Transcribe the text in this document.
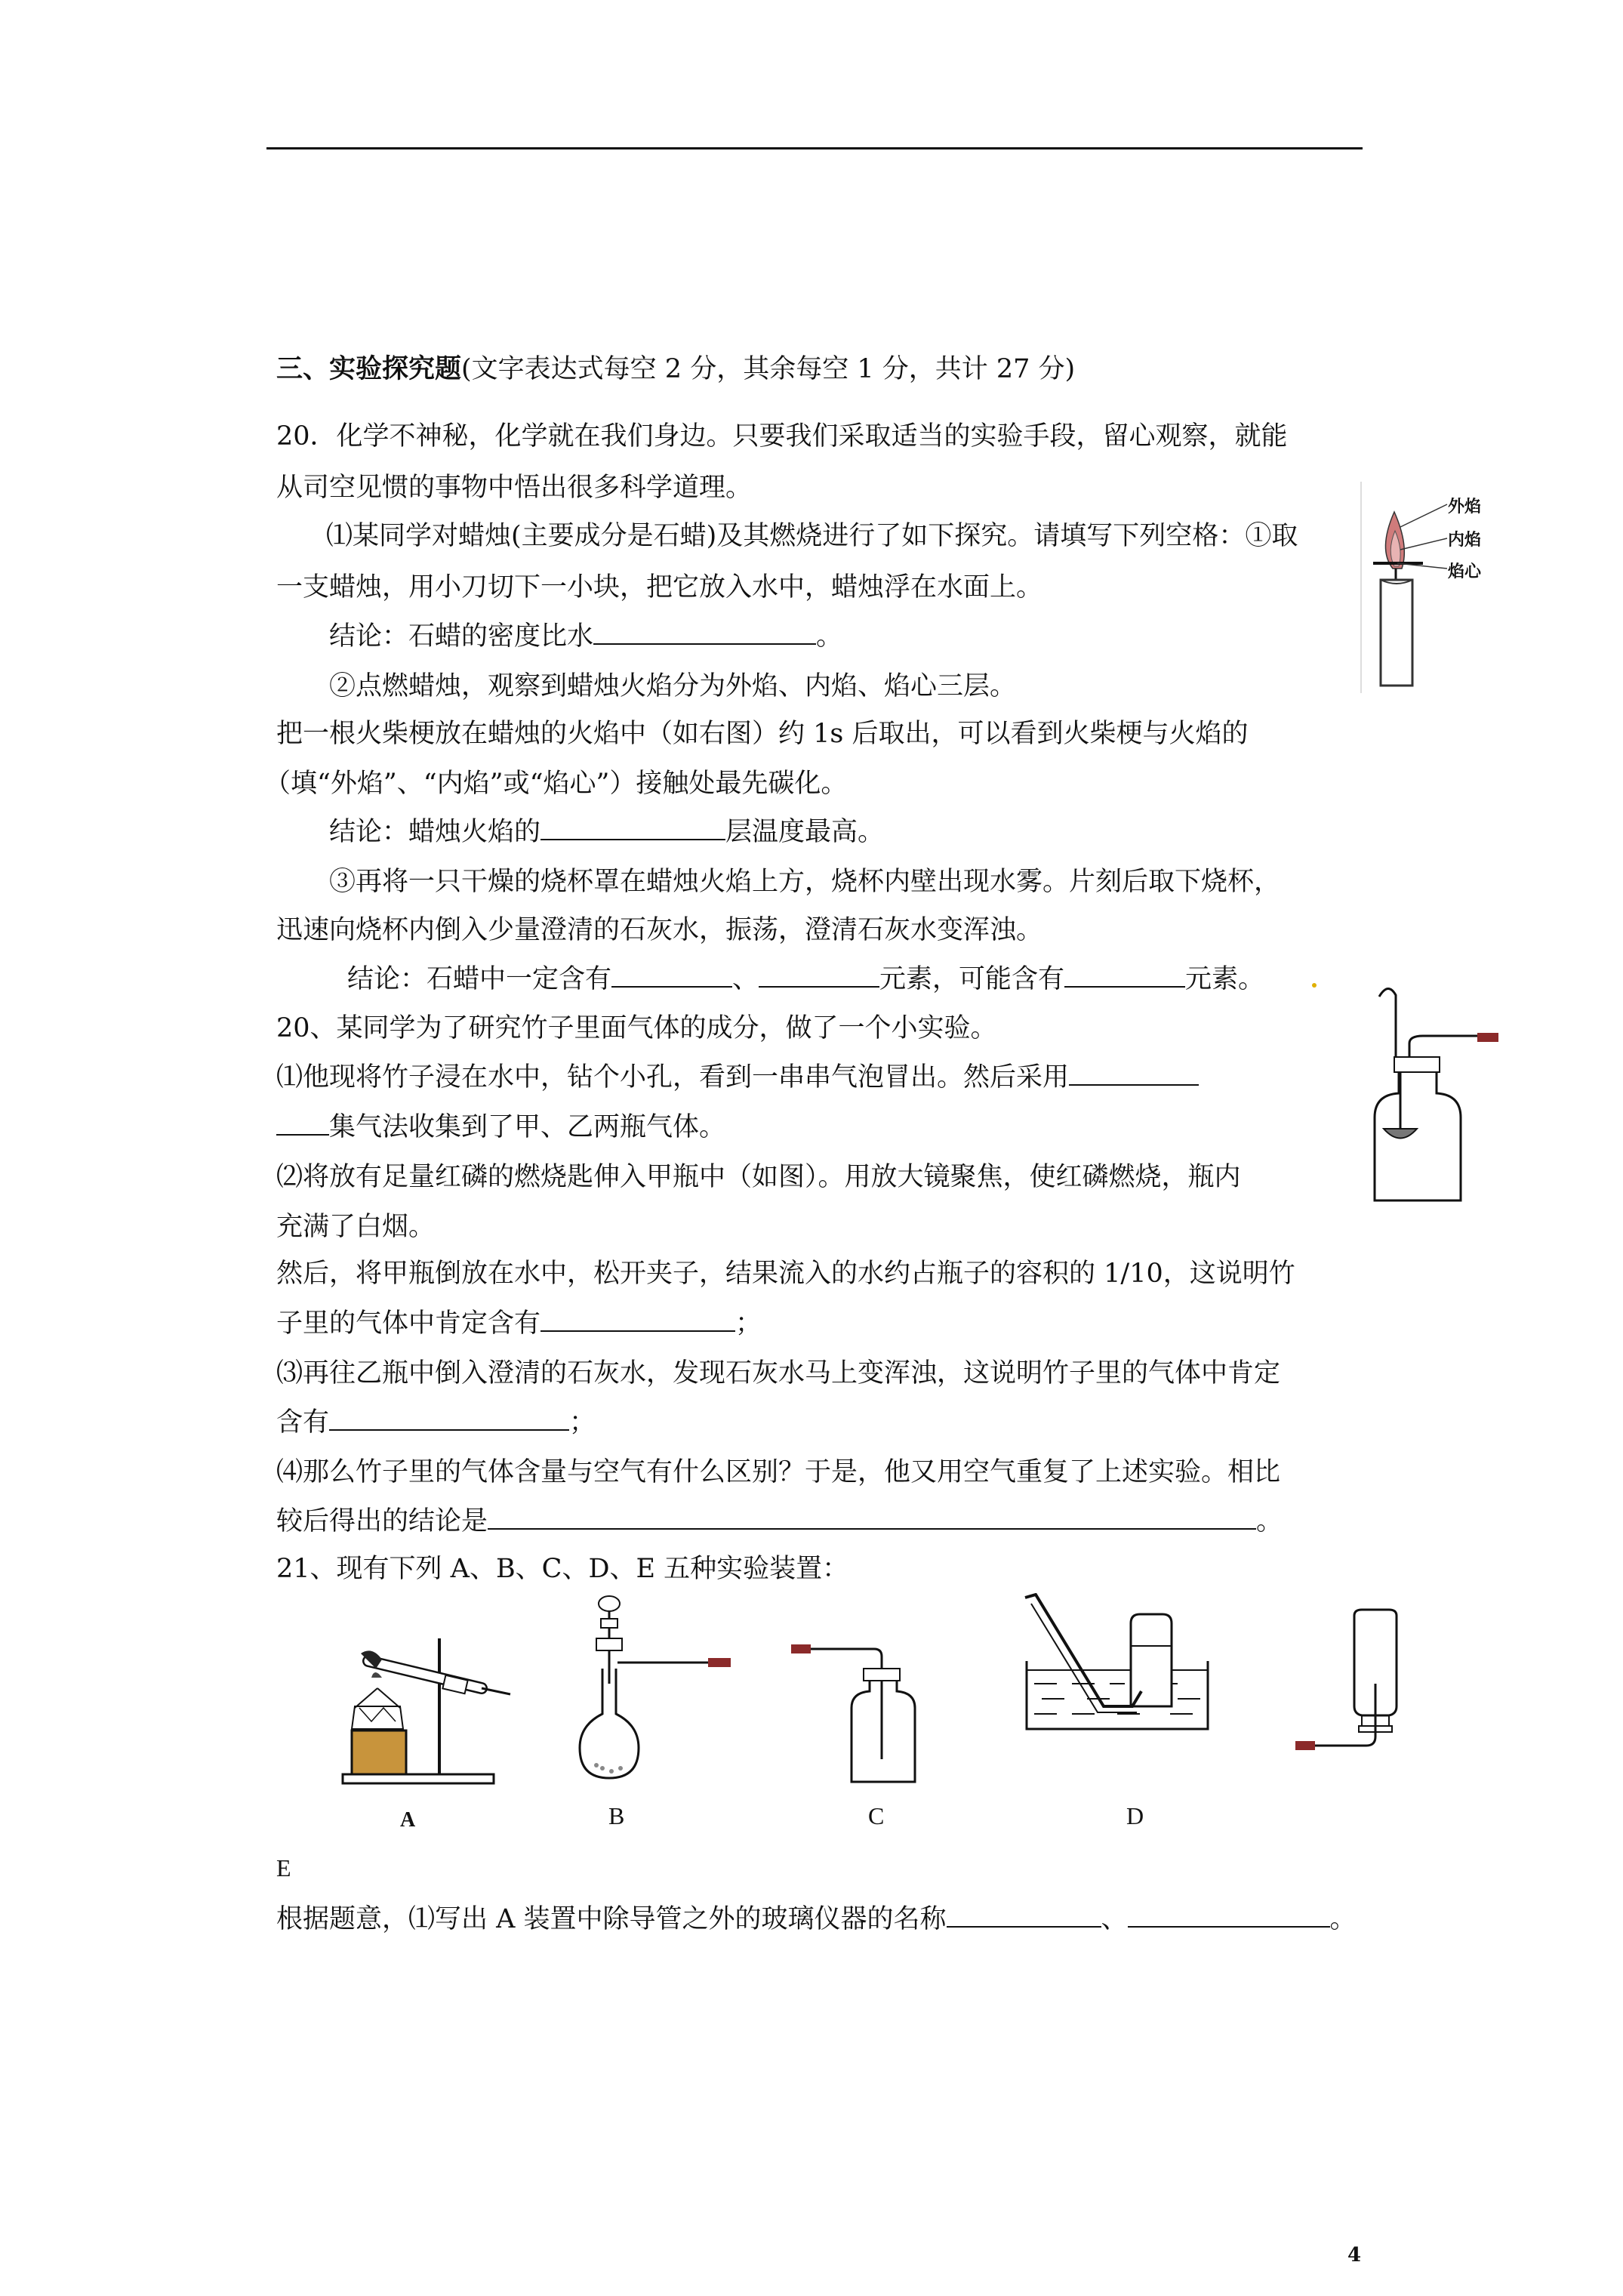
三、实验探究题(文字表达式每空 2 分，其余每空 1 分，共计 27 分)
20．化学不神秘，化学就在我们身边。只要我们采取适当的实验手段，留心观察，就能
从司空见惯的事物中悟出很多科学道理。
⑴某同学对蜡烛(主要成分是石蜡)及其燃烧进行了如下探究。请填写下列空格：①取
一支蜡烛，用小刀切下一小块，把它放入水中，蜡烛浮在水面上。
结论：石蜡的密度比水	。
②点燃蜡烛，观察到蜡烛火焰分为外焰、内焰、焰心三层。
把一根火柴梗放在蜡烛的火焰中（如右图）约 1s 后取出，可以看到火柴梗与火焰的
（填“外焰”、“内焰”或“焰心”）接触处最先碳化。
结论：蜡烛火焰的	层温度最高。
③再将一只干燥的烧杯罩在蜡烛火焰上方，烧杯内壁出现水雾。片刻后取下烧杯，
迅速向烧杯内倒入少量澄清的石灰水，振荡，澄清石灰水变浑浊。
结论：石蜡中一定含有	、	元素，可能含有	元素。
外焰
内焰
焰心
20、某同学为了研究竹子里面气体的成分，做了一个小实验。
⑴他现将竹子浸在水中，钻个小孔，看到一串串气泡冒出。然后采用
集气法收集到了甲、乙两瓶气体。
⑵将放有足量红磷的燃烧匙伸入甲瓶中（如图）。用放大镜聚焦，使红磷燃烧，瓶内
充满了白烟。
然后，将甲瓶倒放在水中，松开夹子，结果流入的水约占瓶子的容积的 1/10，这说明竹
子里的气体中肯定含有	；
⑶再往乙瓶中倒入澄清的石灰水，发现石灰水马上变浑浊，这说明竹子里的气体中肯定
含有	；
⑷那么竹子里的气体含量与空气有什么区别？于是，他又用空气重复了上述实验。相比
较后得出的结论是	。
21、现有下列 A、B、C、D、E 五种实验装置：
A	B	C	D
E
根据题意，⑴写出 A 装置中除导管之外的玻璃仪器的名称	、	。
4
